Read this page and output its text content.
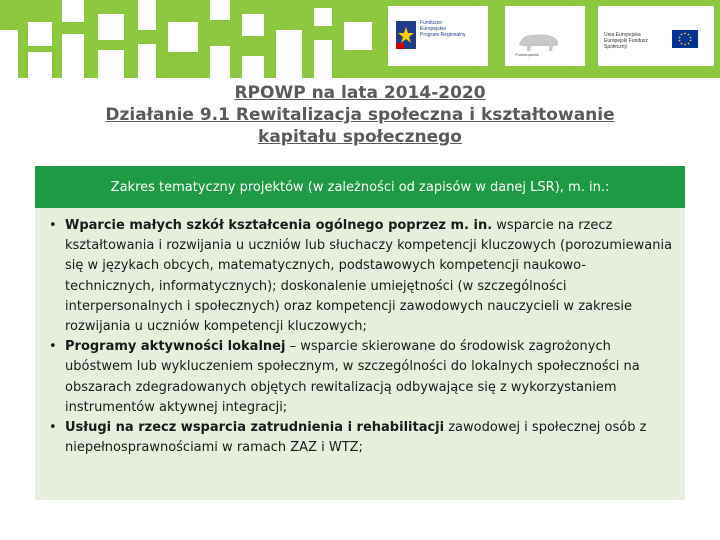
Fundusze
Europejskie
Program Regionalny
Podkarpackie
Unia Europejska
Europejski Fundusz
Społeczny
RPOWP na lata 2014-2020
Działanie 9.1 Rewitalizacja społeczna i kształtowanie
kapitału społecznego
Zakres tematyczny projektów (w zależności od zapisów w danej LSR), m. in.:

• Wparcie małych szkół kształcenia ogólnego poprzez m. in. wsparcie na rzecz kształtowania i rozwijania u uczniów lub słuchaczy kompetencji kluczowych (porozumiewania się w językach obcych, matematycznych, podstawowych kompetencji naukowo-technicznych, informatycznych); doskonalenie umiejętności (w szczególności interpersonalnych i społecznych) oraz kompetencji zawodowych nauczycieli w zakresie rozwijania u uczniów kompetencji kluczowych;

• Programy aktywności lokalnej – wsparcie skierowane do środowisk zagrożonych ubóstwem lub wykluczeniem społecznym, w szczególności do lokalnych społeczności na obszarach zdegradowanych objętych rewitalizacją odbywające się z wykorzystaniem instrumentów aktywnej integracji;

• Usługi na rzecz wsparcia zatrudnienia i rehabilitacji zawodowej i społecznej osób z niepełnosprawnościami w ramach ZAZ i WTZ;
